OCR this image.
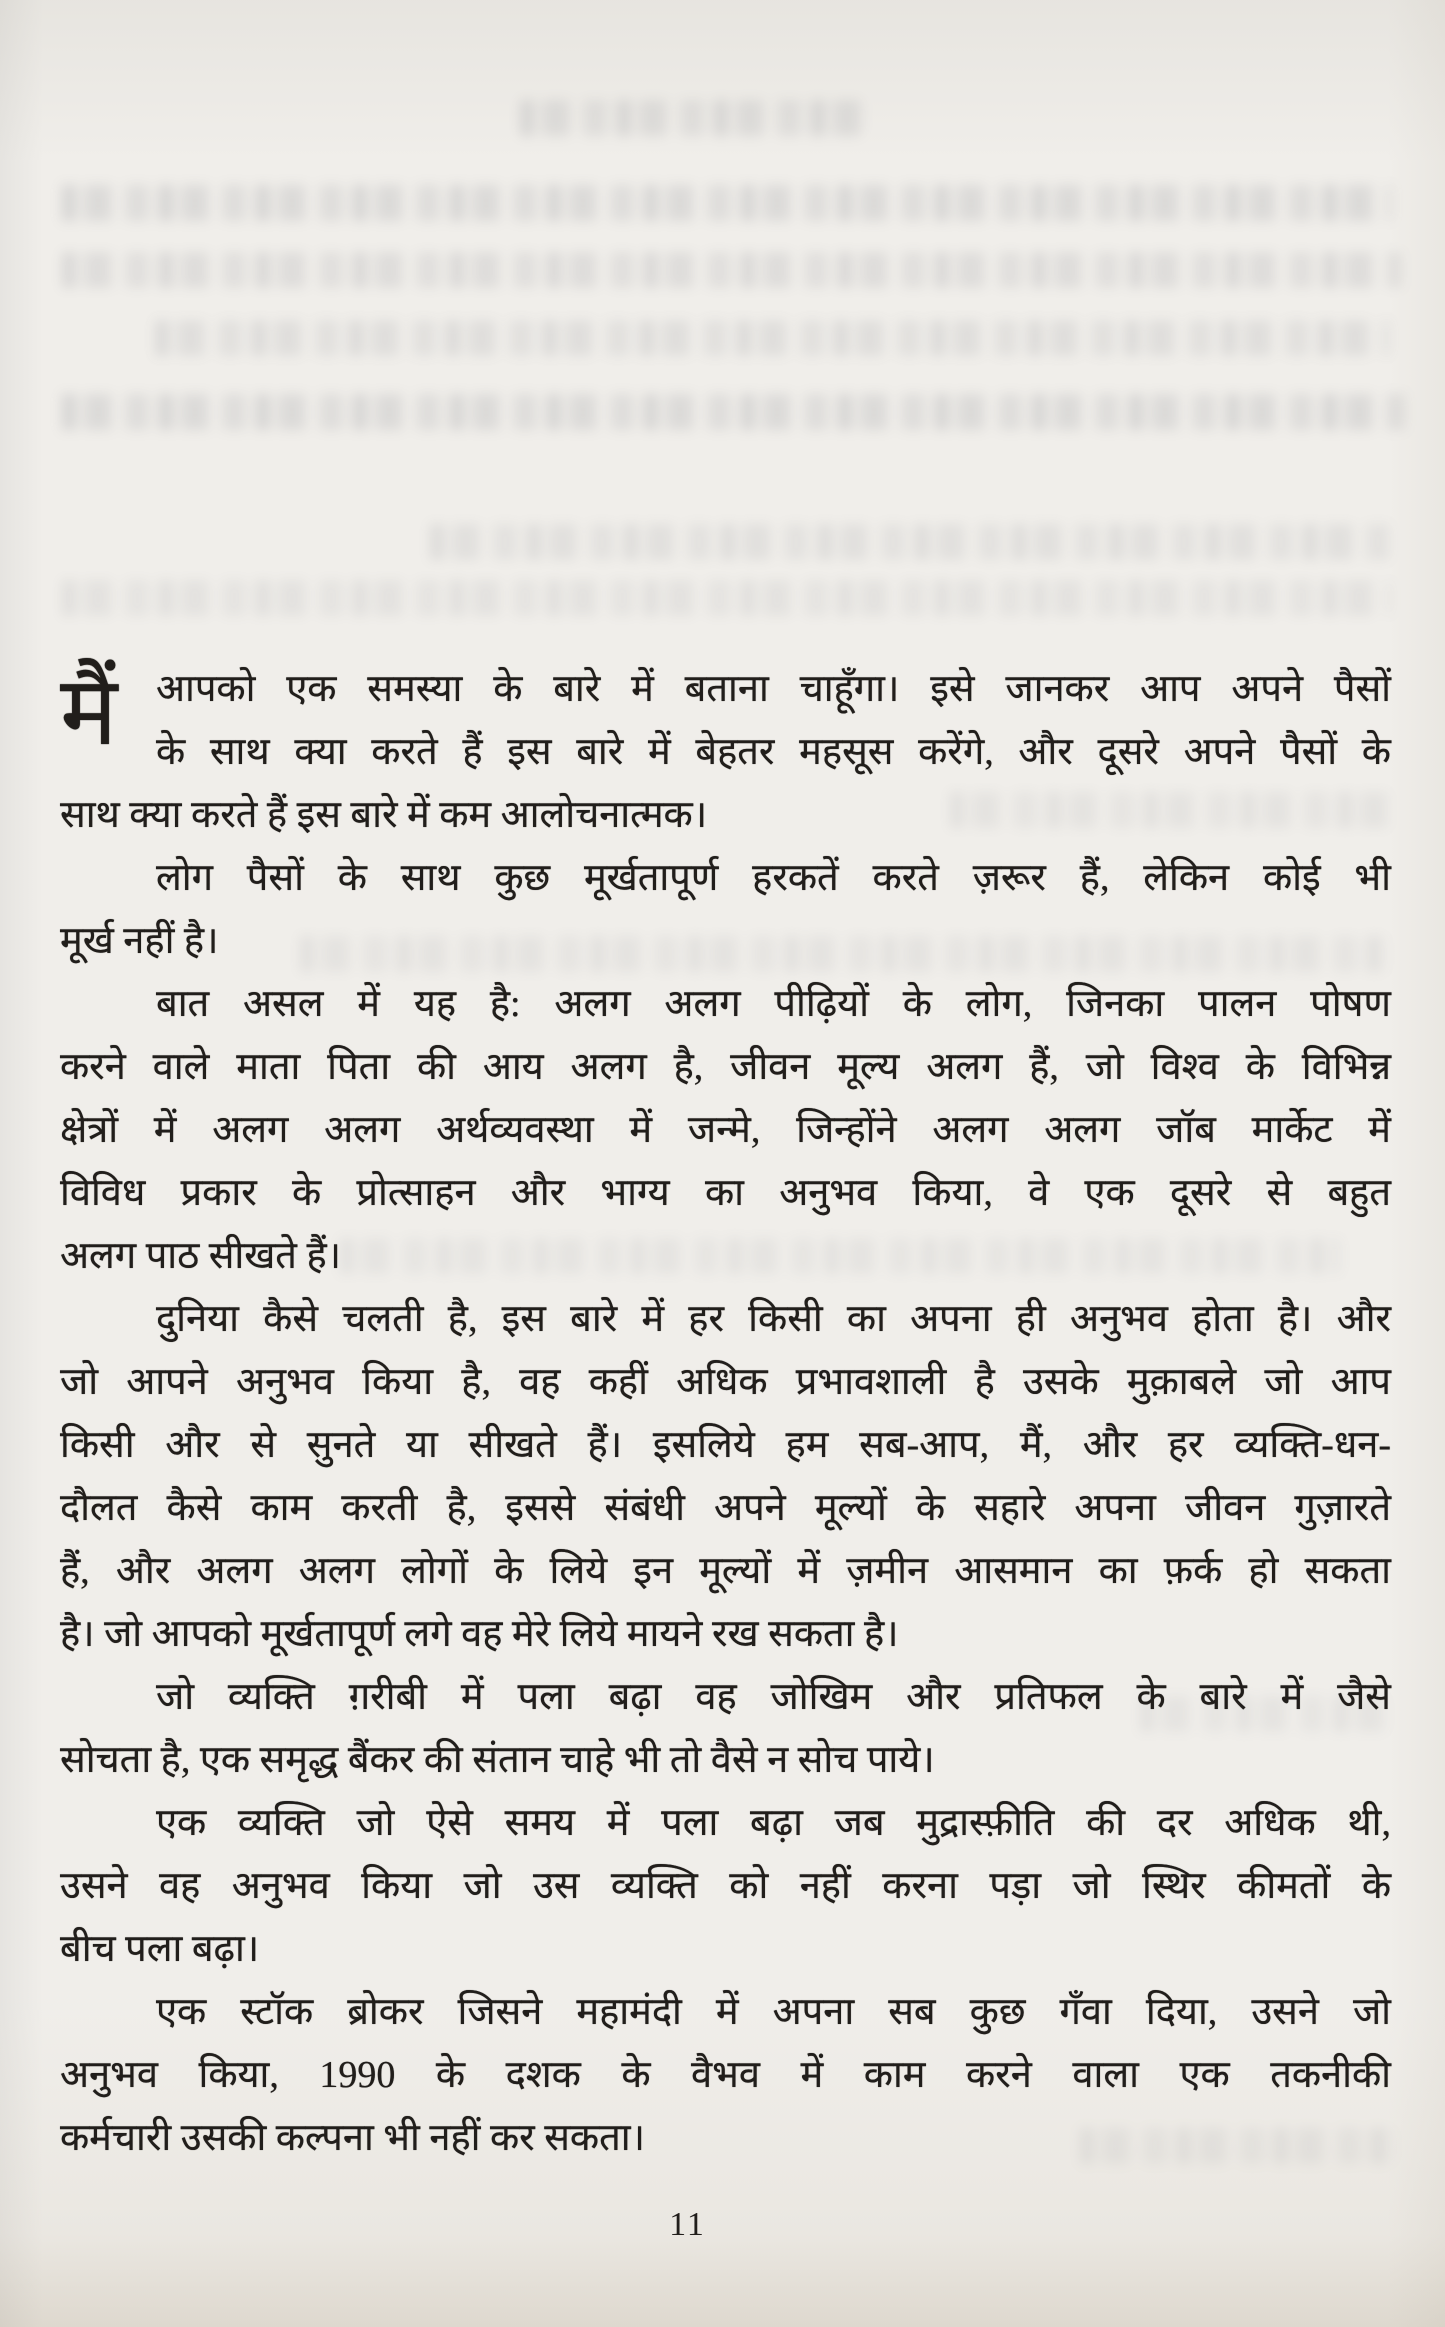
मैं	आपको एक समस्या के बारे में बताना चाहूँगा। इसे जानकर आप अपने पैसों
के साथ क्या करते हैं इस बारे में बेहतर महसूस करेंगे, और दूसरे अपने पैसों के
साथ क्या करते हैं इस बारे में कम आलोचनात्मक।
लोग पैसों के साथ कुछ मूर्खतापूर्ण हरकतें करते ज़रूर हैं, लेकिन कोई भी
मूर्ख नहीं है।
बात असल में यह है: अलग अलग पीढ़ियों के लोग, जिनका पालन पोषण
करने वाले माता पिता की आय अलग है, जीवन मूल्य अलग हैं, जो विश्व के विभिन्न
क्षेत्रों में अलग अलग अर्थव्यवस्था में जन्मे, जिन्होंने अलग अलग जॉब मार्केट में
विविध प्रकार के प्रोत्साहन और भाग्य का अनुभव किया, वे एक दूसरे से बहुत
अलग पाठ सीखते हैं।
दुनिया कैसे चलती है, इस बारे में हर किसी का अपना ही अनुभव होता है। और
जो आपने अनुभव किया है, वह कहीं अधिक प्रभावशाली है उसके मुक़ाबले जो आप
किसी और से सुनते या सीखते हैं। इसलिये हम सब-आप, मैं, और हर व्यक्ति-धन-
दौलत कैसे काम करती है, इससे संबंधी अपने मूल्यों के सहारे अपना जीवन गुज़ारते
हैं, और अलग अलग लोगों के लिये इन मूल्यों में ज़मीन आसमान का फ़र्क हो सकता
है। जो आपको मूर्खतापूर्ण लगे वह मेरे लिये मायने रख सकता है।
जो व्यक्ति ग़रीबी में पला बढ़ा वह जोखिम और प्रतिफल के बारे में जैसे
सोचता है, एक समृद्ध बैंकर की संतान चाहे भी तो वैसे न सोच पाये।
एक व्यक्ति जो ऐसे समय में पला बढ़ा जब मुद्रास्फ़ीति की दर अधिक थी,
उसने वह अनुभव किया जो उस व्यक्ति को नहीं करना पड़ा जो स्थिर कीमतों के
बीच पला बढ़ा।
एक स्टॉक ब्रोकर जिसने महामंदी में अपना सब कुछ गँवा दिया, उसने जो
अनुभव किया, 1990 के दशक के वैभव में काम करने वाला एक तकनीकी
कर्मचारी उसकी कल्पना भी नहीं कर सकता।
11
